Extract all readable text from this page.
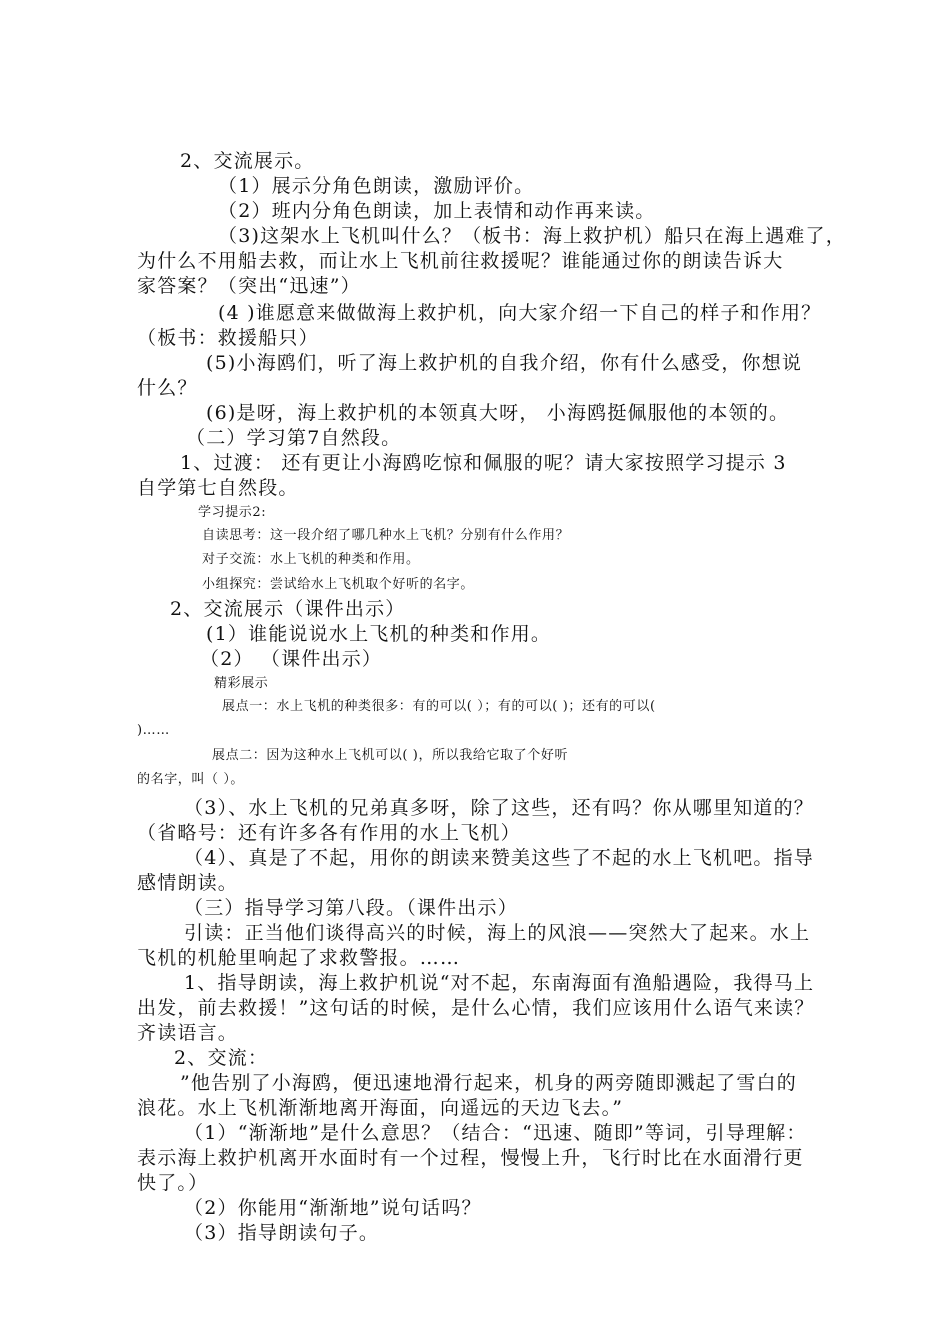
2、交流展示。
（1）展示分角色朗读，激励评价。
（2）班内分角色朗读，加上表情和动作再来读。
（3)这架水上飞机叫什么？（板书：海上救护机）船只在海上遇难了，
为什么不用船去救，而让水上飞机前往救援呢？谁能通过你的朗读告诉大
家答案？（突出“迅速”）
(4 )谁愿意来做做海上救护机，向大家介绍一下自己的样子和作用？
（板书：救援船只）
(5)小海鸥们，听了海上救护机的自我介绍，你有什么感受，你想说
什么？
(6)是呀，海上救护机的本领真大呀， 小海鸥挺佩服他的本领的。
（二）学习第7自然段。
1、过渡： 还有更让小海鸥吃惊和佩服的呢？请大家按照学习提示 3
自学第七自然段。
学习提示2:
自读思考：这一段介绍了哪几种水上飞机？分别有什么作用？
对子交流：水上飞机的种类和作用。
小组探究：尝试给水上飞机取个好听的名字。
2、交流展示（课件出示）
(1）谁能说说水上飞机的种类和作用。
（2） （课件出示）
精彩展示
展点一：水上飞机的种类很多：有的可以( ）；有的可以( )；还有的可以(
)……
展点二：因为这种水上飞机可以( )，所以我给它取了个好听
的名字，叫（ ）。
（3）、水上飞机的兄弟真多呀，除了这些，还有吗？你从哪里知道的？
（省略号：还有许多各有作用的水上飞机）
（4）、真是了不起，用你的朗读来赞美这些了不起的水上飞机吧。指导
感情朗读。
（三）指导学习第八段。（课件出示）
引读：正当他们谈得高兴的时候，海上的风浪——突然大了起来。水上
飞机的机舱里响起了求救警报。……
1、指导朗读，海上救护机说“对不起，东南海面有渔船遇险，我得马上
出发，前去救援！”这句话的时候，是什么心情，我们应该用什么语气来读？
齐读语言。
2、交流：
”他告别了小海鸥，便迅速地滑行起来，机身的两旁随即溅起了雪白的
浪花。水上飞机渐渐地离开海面，向遥远的天边飞去。”
（1）“渐渐地”是什么意思？（结合：“迅速、随即”等词，引导理解：
表示海上救护机离开水面时有一个过程，慢慢上升，飞行时比在水面滑行更
快了。）
（2）你能用“渐渐地”说句话吗？
（3）指导朗读句子。
